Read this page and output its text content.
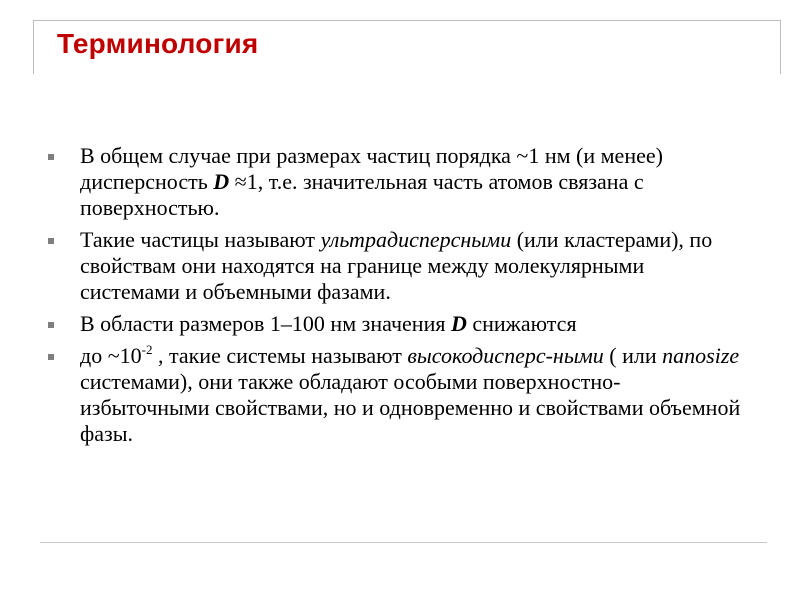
Терминология
В общем случае при размерах частиц порядка ~1 нм (и менее) дисперсность D ≈1, т.е. значительная часть атомов связана с поверхностью.
Такие частицы называют ультрадисперсными (или кластерами), по свойствам они находятся на границе между молекулярными системами и объемными фазами.
В области размеров 1–100 нм значения D снижаются
до $\sim 10^{-2}$ , такие системы называют высокодисперс-ными ( или nanosize системами), они также обладают особыми поверхностно-избыточными свойствами, но и одновременно и свойствами объемной фазы.
